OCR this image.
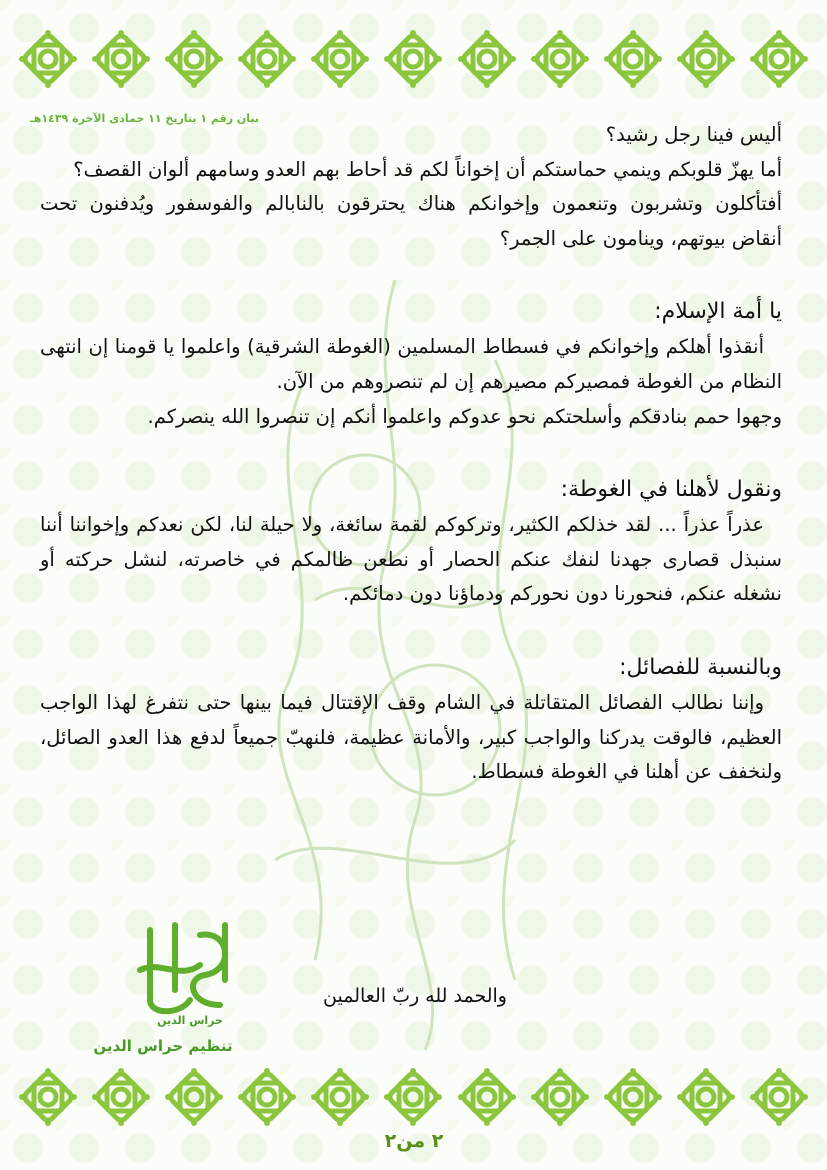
بيان رقم ١ بتاريخ ١١ جمادى الآخرة ١٤٣٩هـ

أليس فينا رجل رشيد؟

أما يهزّ قلوبكم وينمي حماستكم أن إخواناً لكم قد أحاط بهم العدو وسامهم ألوان القصف؟

أفتأكلون وتشربون وتنعمون وإخوانكم هناك يحترقون بالنابالم والفوسفور ويُدفنون تحت أنقاض بيوتهم، وينامون على الجمر؟

يا أمة الإسلام:

أنقذوا أهلكم وإخوانكم في فسطاط المسلمين (الغوطة الشرقية) واعلموا يا قومنا إن انتهى النظام من الغوطة فمصيركم مصيرهم إن لم تنصروهم من الآن.

وجهوا حمم بنادقكم وأسلحتكم نحو عدوكم واعلموا أنكم إن تنصروا الله ينصركم.

ونقول لأهلنا في الغوطة:

عذراً عذراً ... لقد خذلكم الكثير، وتركوكم لقمة سائغة، ولا حيلة لنا، لكن نعدكم وإخواننا أننا سنبذل قصارى جهدنا لنفك عنكم الحصار أو نطعن ظالمكم في خاصرته، لنشل حركته أو نشغله عنكم، فنحورنا دون نحوركم ودماؤنا دون دمائكم.

وبالنسبة للفصائل:

وإننا نطالب الفصائل المتقاتلة في الشام وقف الإقتتال فيما بينها حتى نتفرغ لهذا الواجب العظيم، فالوقت يدركنا والواجب كبير، والأمانة عظيمة، فلنهبّ جميعاً لدفع هذا العدو الصائل، ولنخفف عن أهلنا في الغوطة فسطاط.

والحمد لله ربّ العالمين
حراس الدين
تنظيم حراس الدين
٢ من٢
